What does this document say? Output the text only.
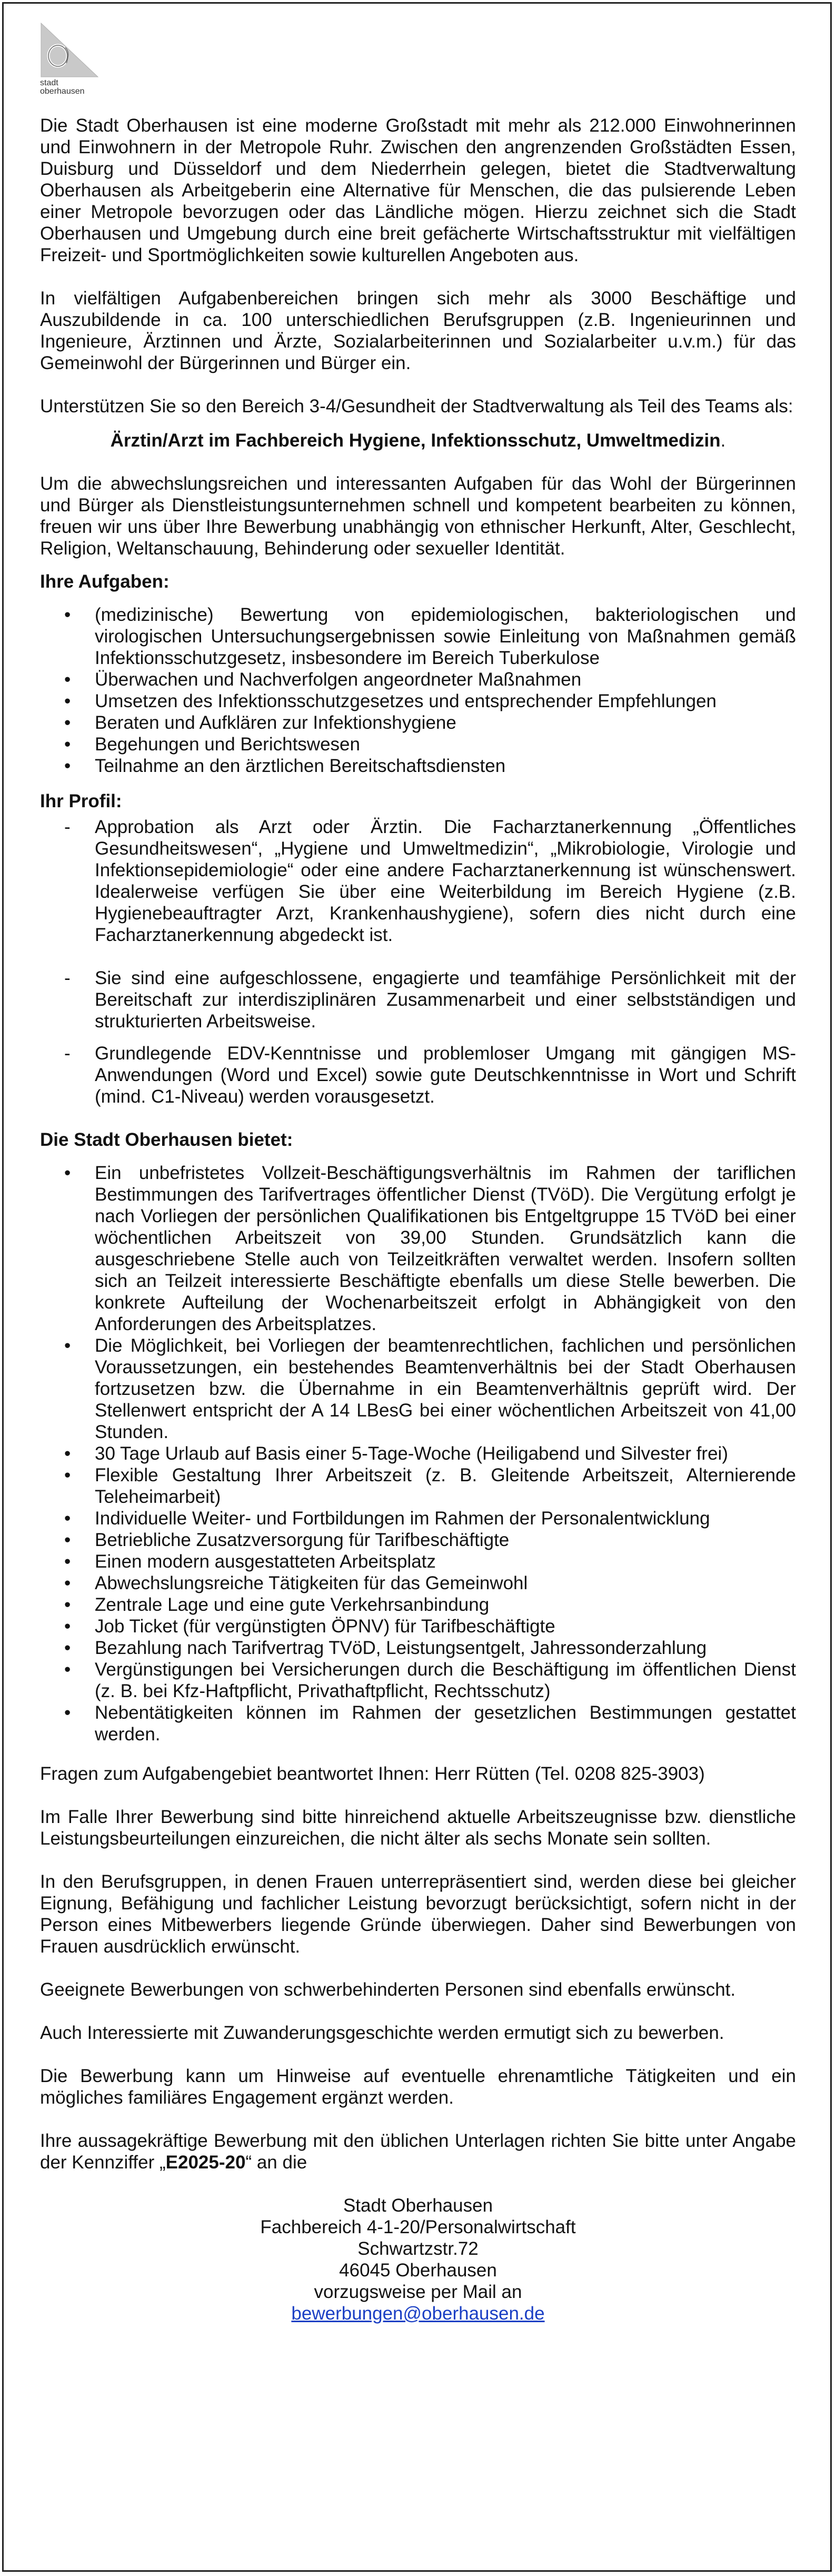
stadt oberhausen

Die Stadt Oberhausen ist eine moderne Großstadt mit mehr als 212.000 Einwohnerinnen und Einwohnern in der Metropole Ruhr. Zwischen den angrenzenden Großstädten Essen, Duisburg und Düsseldorf und dem Niederrhein gelegen, bietet die Stadtverwaltung Oberhausen als Arbeitgeberin eine Alternative für Menschen, die das pulsierende Leben einer Metropole bevorzugen oder das Ländliche mögen. Hierzu zeichnet sich die Stadt Oberhausen und Umgebung durch eine breit gefächerte Wirtschaftsstruktur mit vielfältigen Freizeit- und Sportmöglichkeiten sowie kulturellen Angeboten aus.

In vielfältigen Aufgabenbereichen bringen sich mehr als 3000 Beschäftige und Auszubildende in ca. 100 unterschiedlichen Berufsgruppen (z.B. Ingenieurinnen und Ingenieure, Ärztinnen und Ärzte, Sozialarbeiterinnen und Sozialarbeiter u.v.m.) für das Gemeinwohl der Bürgerinnen und Bürger ein.

Unterstützen Sie so den Bereich 3-4/Gesundheit der Stadtverwaltung als Teil des Teams als:

Ärztin/Arzt im Fachbereich Hygiene, Infektionsschutz, Umweltmedizin.

Um die abwechslungsreichen und interessanten Aufgaben für das Wohl der Bürgerinnen und Bürger als Dienstleistungsunternehmen schnell und kompetent bearbeiten zu können, freuen wir uns über Ihre Bewerbung unabhängig von ethnischer Herkunft, Alter, Geschlecht, Religion, Weltanschauung, Behinderung oder sexueller Identität.

Ihre Aufgaben:
• (medizinische) Bewertung von epidemiologischen, bakteriologischen und virologischen Untersuchungsergebnissen sowie Einleitung von Maßnahmen gemäß Infektionsschutzgesetz, insbesondere im Bereich Tuberkulose
• Überwachen und Nachverfolgen angeordneter Maßnahmen
• Umsetzen des Infektionsschutzgesetzes und entsprechender Empfehlungen
• Beraten und Aufklären zur Infektionshygiene
• Begehungen und Berichtswesen
• Teilnahme an den ärztlichen Bereitschaftsdiensten
Ihr Profil:
- Approbation als Arzt oder Ärztin. Die Facharztanerkennung „Öffentliches Gesundheitswesen“, „Hygiene und Umweltmedizin“, „Mikrobiologie, Virologie und Infektionsepidemiologie“ oder eine andere Facharztanerkennung ist wünschenswert. Idealerweise verfügen Sie über eine Weiterbildung im Bereich Hygiene (z.B. Hygienebeauftragter Arzt, Krankenhaushygiene), sofern dies nicht durch eine Facharztanerkennung abgedeckt ist.
- Sie sind eine aufgeschlossene, engagierte und teamfähige Persönlichkeit mit der Bereitschaft zur interdisziplinären Zusammenarbeit und einer selbstständigen und strukturierten Arbeitsweise.
- Grundlegende EDV-Kenntnisse und problemloser Umgang mit gängigen MS-Anwendungen (Word und Excel) sowie gute Deutschkenntnisse in Wort und Schrift (mind. C1-Niveau) werden vorausgesetzt.
Die Stadt Oberhausen bietet:
• Ein unbefristetes Vollzeit-Beschäftigungsverhältnis im Rahmen der tariflichen Bestimmungen des Tarifvertrages öffentlicher Dienst (TVöD). Die Vergütung erfolgt je nach Vorliegen der persönlichen Qualifikationen bis Entgeltgruppe 15 TVöD bei einer wöchentlichen Arbeitszeit von 39,00 Stunden. Grundsätzlich kann die ausgeschriebene Stelle auch von Teilzeitkräften verwaltet werden. Insofern sollten sich an Teilzeit interessierte Beschäftigte ebenfalls um diese Stelle bewerben. Die konkrete Aufteilung der Wochenarbeitszeit erfolgt in Abhängigkeit von den Anforderungen des Arbeitsplatzes.
• Die Möglichkeit, bei Vorliegen der beamtenrechtlichen, fachlichen und persönlichen Voraussetzungen, ein bestehendes Beamtenverhältnis bei der Stadt Oberhausen fortzusetzen bzw. die Übernahme in ein Beamtenverhältnis geprüft wird. Der Stellenwert entspricht der A 14 LBesG bei einer wöchentlichen Arbeitszeit von 41,00 Stunden.
• 30 Tage Urlaub auf Basis einer 5-Tage-Woche (Heiligabend und Silvester frei)
• Flexible Gestaltung Ihrer Arbeitszeit (z. B. Gleitende Arbeitszeit, Alternierende Teleheimarbeit)
• Individuelle Weiter- und Fortbildungen im Rahmen der Personalentwicklung
• Betriebliche Zusatzversorgung für Tarifbeschäftigte
• Einen modern ausgestatteten Arbeitsplatz
• Abwechslungsreiche Tätigkeiten für das Gemeinwohl
• Zentrale Lage und eine gute Verkehrsanbindung
• Job Ticket (für vergünstigten ÖPNV) für Tarifbeschäftigte
• Bezahlung nach Tarifvertrag TVöD, Leistungsentgelt, Jahressonderzahlung
• Vergünstigungen bei Versicherungen durch die Beschäftigung im öffentlichen Dienst (z. B. bei Kfz-Haftpflicht, Privathaftpflicht, Rechtsschutz)
• Nebentätigkeiten können im Rahmen der gesetzlichen Bestimmungen gestattet werden.

Fragen zum Aufgabengebiet beantwortet Ihnen: Herr Rütten (Tel. 0208 825-3903)

Im Falle Ihrer Bewerbung sind bitte hinreichend aktuelle Arbeitszeugnisse bzw. dienstliche Leistungsbeurteilungen einzureichen, die nicht älter als sechs Monate sein sollten.

In den Berufsgruppen, in denen Frauen unterrepräsentiert sind, werden diese bei gleicher Eignung, Befähigung und fachlicher Leistung bevorzugt berücksichtigt, sofern nicht in der Person eines Mitbewerbers liegende Gründe überwiegen. Daher sind Bewerbungen von Frauen ausdrücklich erwünscht.

Geeignete Bewerbungen von schwerbehinderten Personen sind ebenfalls erwünscht.

Auch Interessierte mit Zuwanderungsgeschichte werden ermutigt sich zu bewerben.

Die Bewerbung kann um Hinweise auf eventuelle ehrenamtliche Tätigkeiten und ein mögliches familiäres Engagement ergänzt werden.

Ihre aussagekräftige Bewerbung mit den üblichen Unterlagen richten Sie bitte unter Angabe der Kennziffer „E2025-20“ an die

Stadt Oberhausen
Fachbereich 4-1-20/Personalwirtschaft
Schwartzstr.72
46045 Oberhausen
vorzugsweise per Mail an
bewerbungen@oberhausen.de
